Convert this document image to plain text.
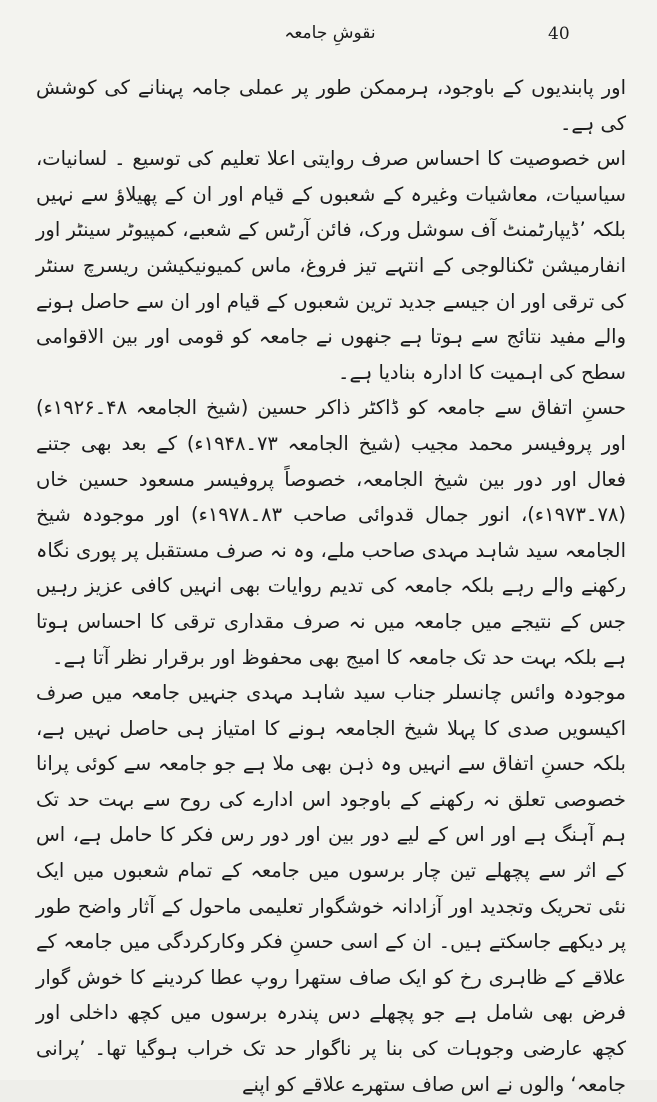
40
نقوشِ جامعہ

اور پابندیوں کے باوجود، ہرممکن طور پر عملی جامہ پہنانے کی کوشش کی ہے۔

اس خصوصیت کا احساس صرف روایتی اعلا تعلیم کی توسیع ۔ لسانیات، سیاسیات، معاشیات وغیرہ کے شعبوں کے قیام اور ان کے پھیلاؤ سے نہیں بلکہ ’ڈیپارٹمنٹ آف سوشل ورک، فائن آرٹس کے شعبے، کمپیوٹر سینٹر اور انفارمیشن ٹکنالوجی کے انتہے تیز فروغ، ماس کمیونیکیشن ریسرچ سنٹر کی ترقی اور ان جیسے جدید ترین شعبوں کے قیام اور ان سے حاصل ہونے والے مفید نتائج سے ہوتا ہے جنھوں نے جامعہ کو قومی اور بین الاقوامی سطح کی اہمیت کا ادارہ بنادیا ہے۔

حسنِ اتفاق سے جامعہ کو ڈاکٹر ذاکر حسین (شیخ الجامعہ ۴۸۔۱۹۲۶ء) اور پروفیسر محمد مجیب (شیخ الجامعہ ۷۳۔۱۹۴۸ء) کے بعد بھی جتنے فعال اور دور بین شیخ الجامعہ، خصوصاً پروفیسر مسعود حسین خاں (۷۸۔۱۹۷۳ء)، انور جمال قدوائی صاحب ۸۳۔۱۹۷۸ء) اور موجودہ شیخ الجامعہ سید شاہد مہدی صاحب ملے، وہ نہ صرف مستقبل پر پوری نگاہ رکھنے والے رہے بلکہ جامعہ کی تدیم روایات بھی انہیں کافی عزیز رہیں جس کے نتیجے میں جامعہ میں نہ صرف مقداری ترقی کا احساس ہوتا ہے بلکہ بہت حد تک جامعہ کا امیج بھی محفوظ اور برقرار نظر آتا ہے۔

موجودہ وائس چانسلر جناب سید شاہد مہدی جنہیں جامعہ میں صرف اکیسویں صدی کا پہلا شیخ الجامعہ ہونے کا امتیاز ہی حاصل نہیں ہے، بلکہ حسنِ اتفاق سے انہیں وہ ذہن بھی ملا ہے جو جامعہ سے کوئی پرانا خصوصی تعلق نہ رکھنے کے باوجود اس ادارے کی روح سے بہت حد تک ہم آہنگ ہے اور اس کے لیے دور بین اور دور رس فکر کا حامل ہے، اس کے اثر سے پچھلے تین چار برسوں میں جامعہ کے تمام شعبوں میں ایک نئی تحریک وتجدید اور آزادانہ خوشگوار تعلیمی ماحول کے آثار واضح طور پر دیکھے جاسکتے ہیں۔ ان کے اسی حسنِ فکر وکارکردگی میں جامعہ کے علاقے کے ظاہری رخ کو ایک صاف ستھرا روپ عطا کردینے کا خوش گوار فرض بھی شامل ہے جو پچھلے دس پندرہ برسوں میں کچھ داخلی اور کچھ عارضی وجوہات کی بنا پر ناگوار حد تک خراب ہوگیا تھا۔ ’پرانی جامعہ‘ والوں نے اس صاف ستھرے علاقے کو اپنے
